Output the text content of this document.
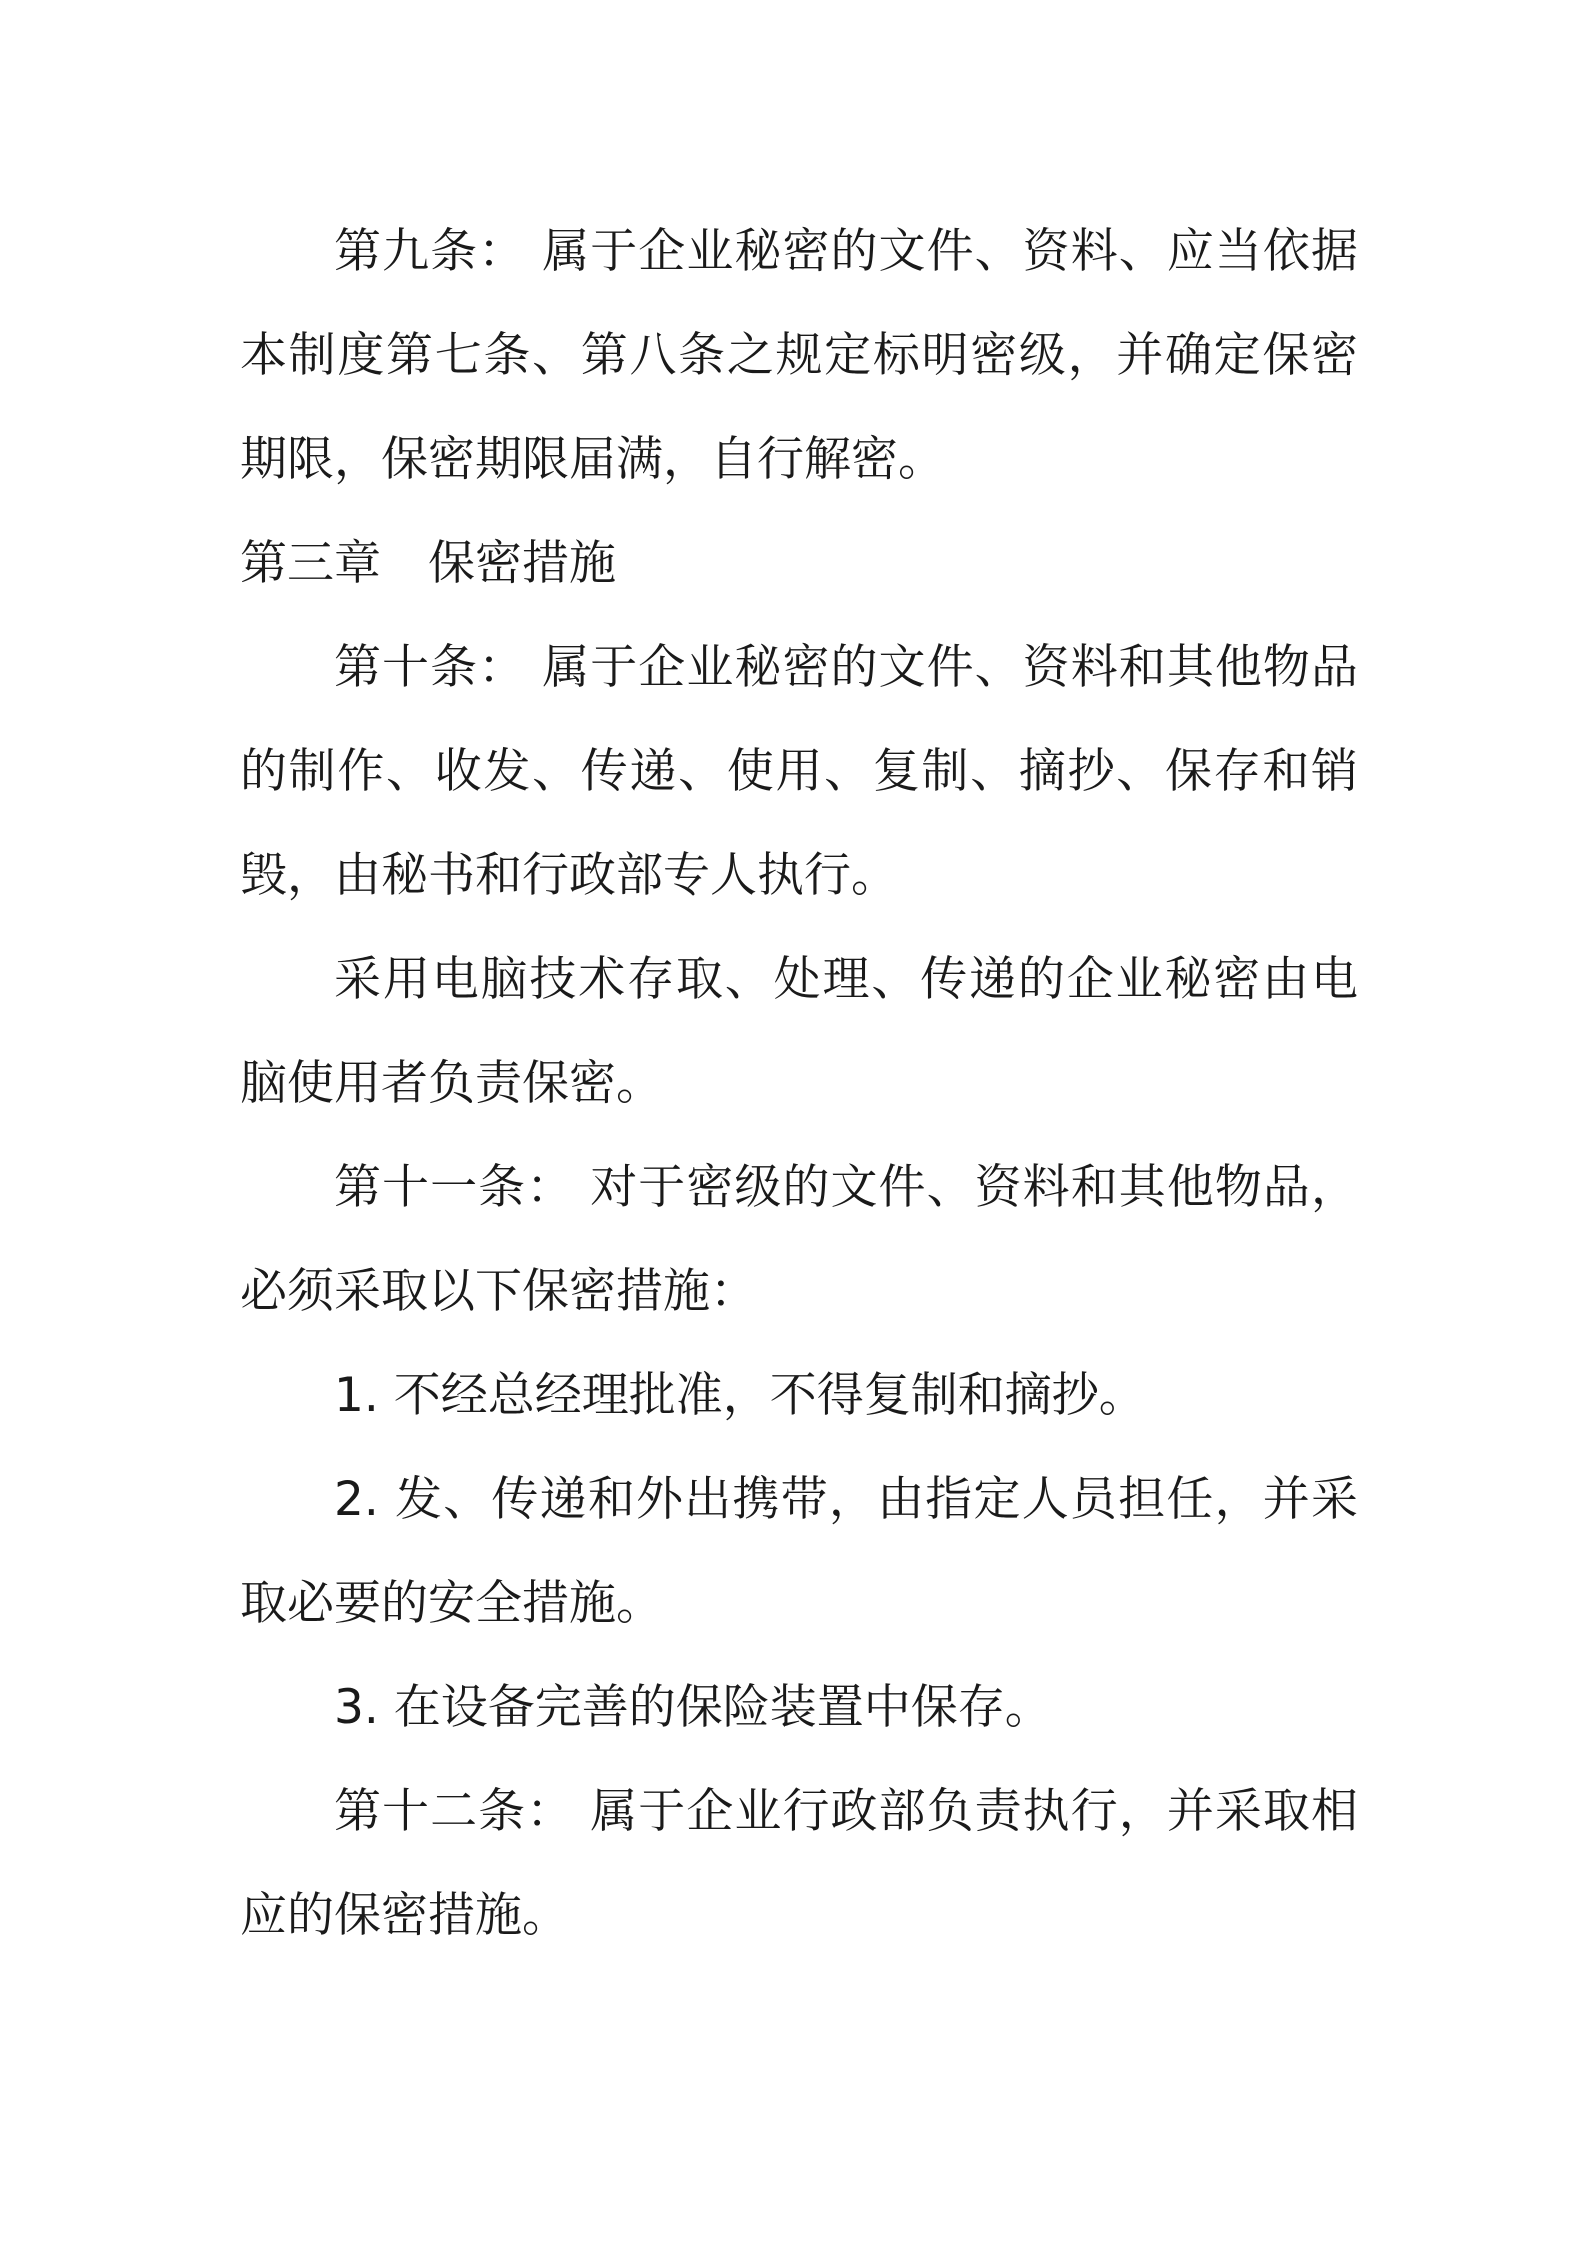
第九条： 属于企业秘密的文件、资料、应当依据本制度第七条、第八条之规定标明密级，并确定保密期限，保密期限届满，自行解密。

第三章 保密措施

第十条： 属于企业秘密的文件、资料和其他物品的制作、收发、传递、使用、复制、摘抄、保存和销毁，由秘书和行政部专人执行。

采用电脑技术存取、处理、传递的企业秘密由电脑使用者负责保密。

第十一条： 对于密级的文件、资料和其他物品，必须采取以下保密措施：

1. 不经总经理批准，不得复制和摘抄。

2. 发、传递和外出携带，由指定人员担任，并采取必要的安全措施。

3. 在设备完善的保险装置中保存。

第十二条： 属于企业行政部负责执行，并采取相应的保密措施。
